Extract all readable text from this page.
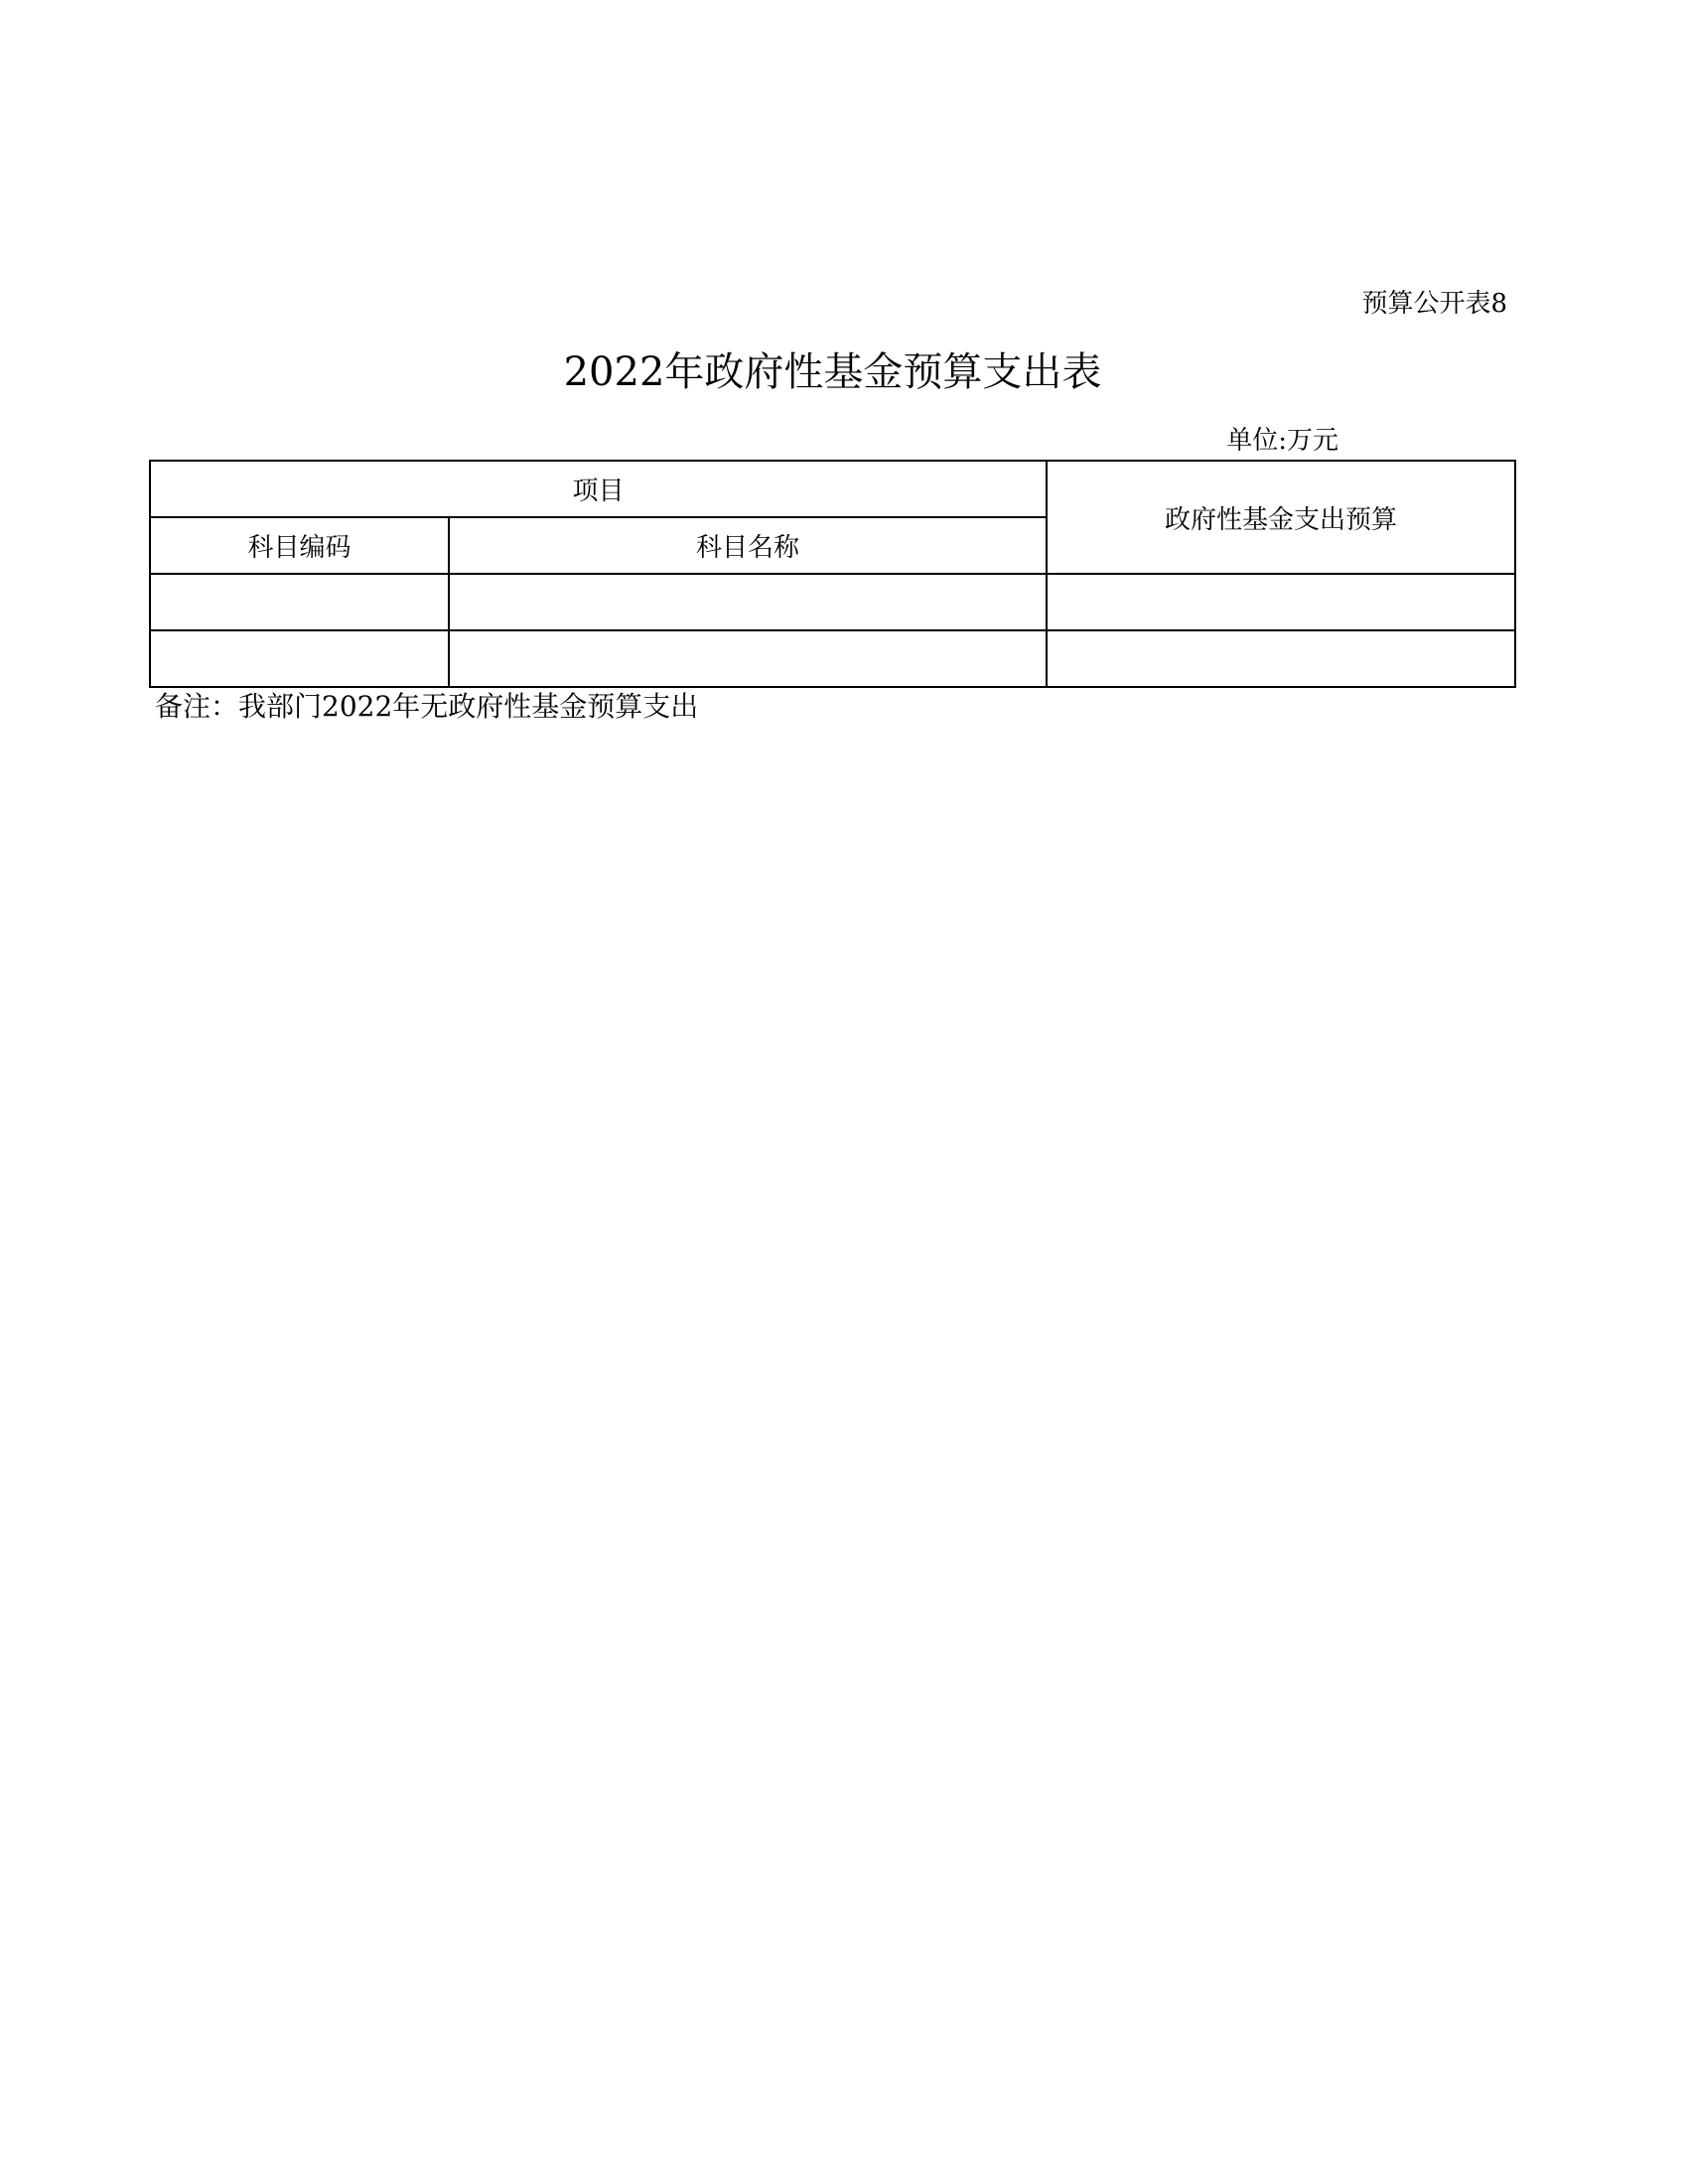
预算公开表8
2022年政府性基金预算支出表
单位:万元
项目		政府性基金支出预算
科目编码	科目名称	

备注：我部门2022年无政府性基金预算支出
